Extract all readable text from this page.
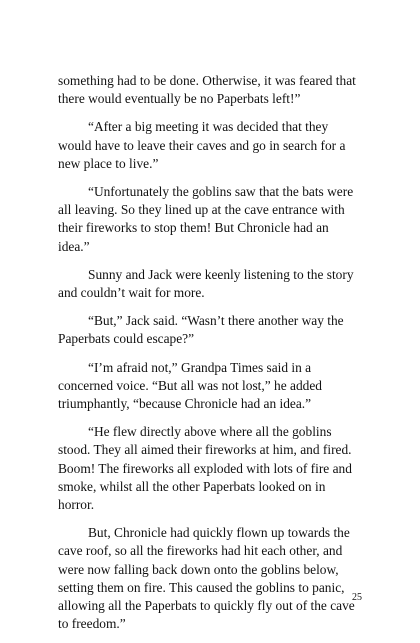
something had to be done. Otherwise, it was feared that there would eventually be no Paperbats left!”

“After a big meeting it was decided that they would have to leave their caves and go in search for a new place to live.”

“Unfortunately the goblins saw that the bats were all leaving. So they lined up at the cave entrance with their fireworks to stop them! But Chronicle had an idea.”

Sunny and Jack were keenly listening to the story and couldn’t wait for more.

“But,” Jack said. “Wasn’t there another way the Paperbats could escape?”

“I’m afraid not,” Grandpa Times said in a concerned voice. “But all was not lost,” he added triumphantly, “because Chronicle had an idea.”

“He flew directly above where all the goblins stood. They all aimed their fireworks at him, and fired. Boom! The fireworks all exploded with lots of fire and smoke, whilst all the other Paperbats looked on in horror.

But, Chronicle had quickly flown up towards the cave roof, so all the fireworks had hit each other, and were now falling back down onto the goblins below, setting them on fire. This caused the goblins to panic, allowing all the Paperbats to quickly fly out of the cave to freedom.”

25
